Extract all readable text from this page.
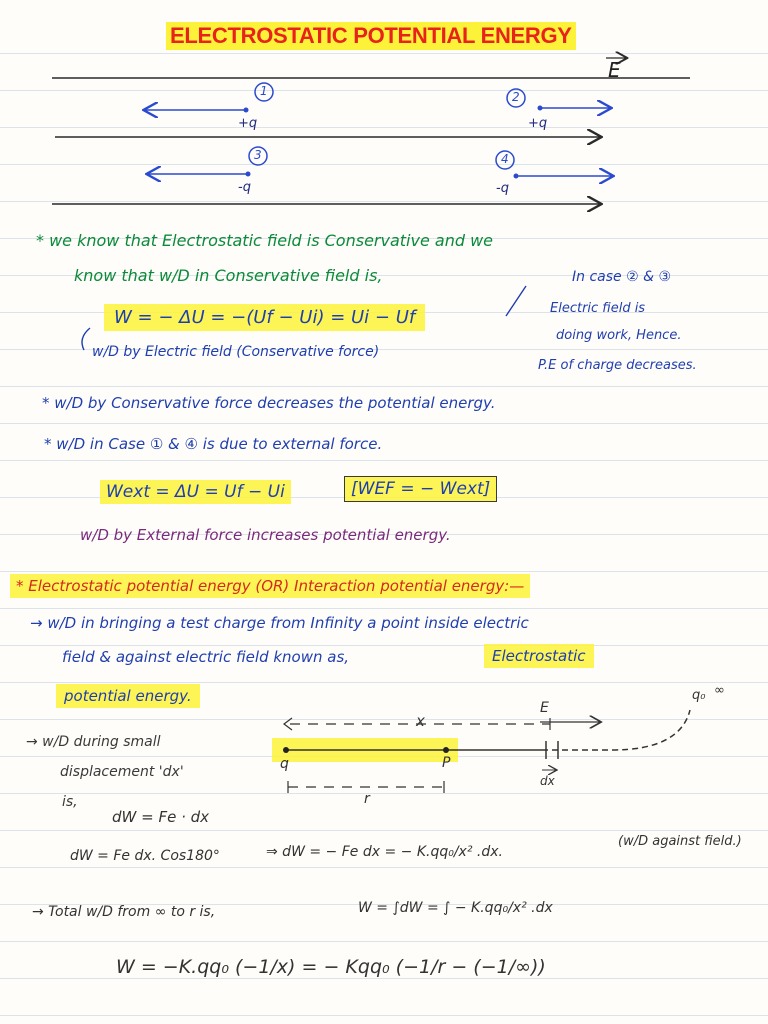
ELECTROSTATIC POTENTIAL ENERGY
E
1
+q
2
+q
3
-q
4
-q
* we know that Electrostatic field is Conservative and we
know that w/D in Conservative field is,	In case ② & ③
Electric field is
doing work, Hence.
P.E of charge decreases.
W = − ΔU = −(Uf − Ui) = Ui − Uf
w/D by Electric field (Conservative force)
* w/D by Conservative force decreases the potential energy.
* w/D in Case ① & ④ is due to external force.
Wext = ΔU = Uf − Ui	[WEF = − Wext]
w/D by External force increases potential energy.
* Electrostatic potential energy (OR) Interaction potential energy:—
→ w/D in bringing a test charge from Infinity a point inside electric
field & against electric field known as,	Electrostatic
potential energy.
x
E
q	P
r
dx
q₀ ∞
→ w/D during small
displacement 'dx'
is,
dW = Fe · dx
dW = Fe dx. Cos180°	⇒ dW = − Fe dx = − K.qq₀/x² .dx.
(w/D against field.)
→ Total w/D from ∞ to r is,	W = ∫dW = ∫ − K.qq₀/x² .dx
W = −K.qq₀ (−1/x) = − Kqq₀ (−1/r − (−1/∞))
